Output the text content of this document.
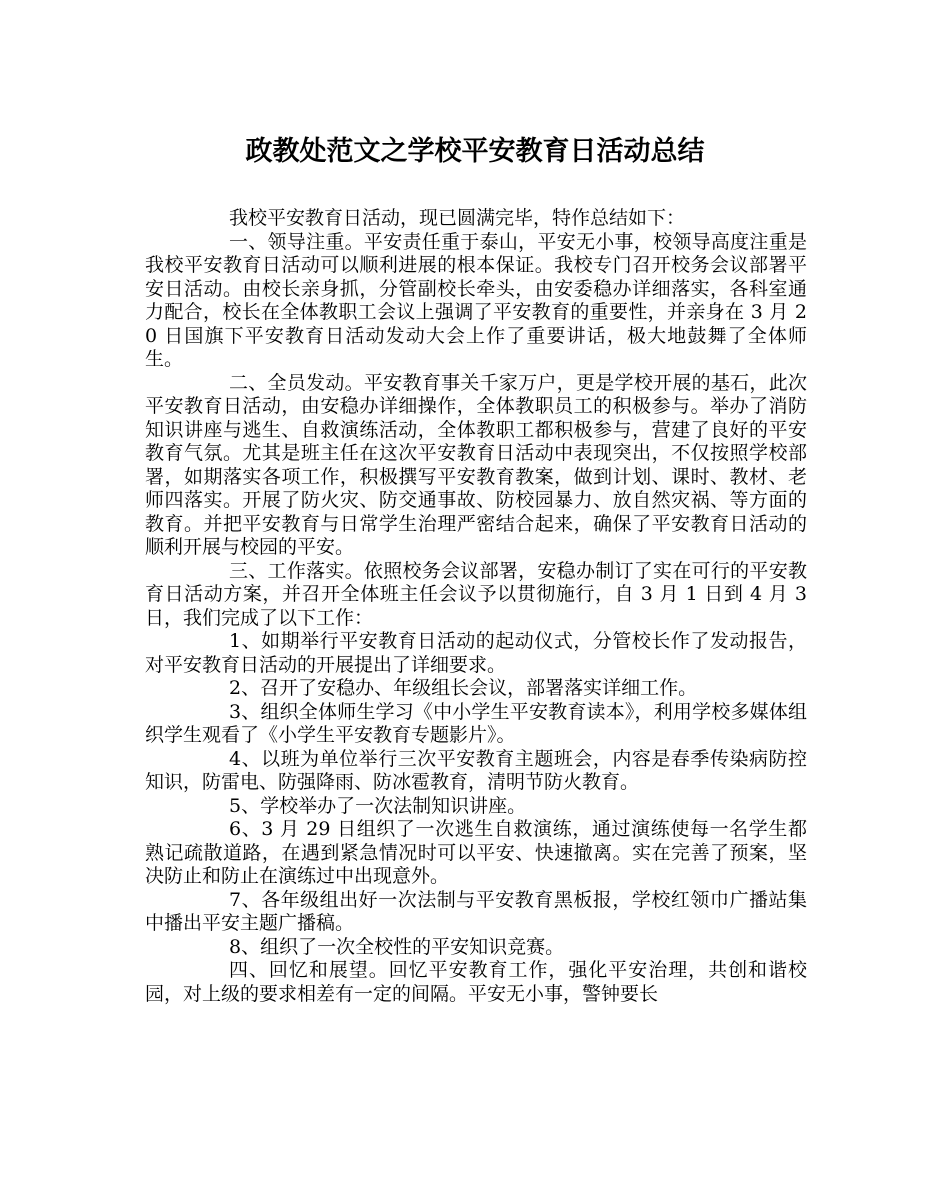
政教处范文之学校平安教育日活动总结

我校平安教育日活动，现已圆满完毕，特作总结如下：

一、领导注重。平安责任重于泰山，平安无小事，校领导高度注重是我校平安教育日活动可以顺利进展的根本保证。我校专门召开校务会议部署平安日活动。由校长亲身抓，分管副校长牵头，由安委稳办详细落实，各科室通力配合，校长在全体教职工会议上强调了平安教育的重要性，并亲身在 3 月 20 日国旗下平安教育日活动发动大会上作了重要讲话，极大地鼓舞了全体师生。

二、全员发动。平安教育事关千家万户，更是学校开展的基石，此次平安教育日活动，由安稳办详细操作，全体教职员工的积极参与。举办了消防知识讲座与逃生、自救演练活动，全体教职工都积极参与，营建了良好的平安教育气氛。尤其是班主任在这次平安教育日活动中表现突出，不仅按照学校部署，如期落实各项工作，积极撰写平安教育教案，做到计划、课时、教材、老师四落实。开展了防火灾、防交通事故、防校园暴力、放自然灾祸、等方面的教育。并把平安教育与日常学生治理严密结合起来，确保了平安教育日活动的顺利开展与校园的平安。

三、工作落实。依照校务会议部署，安稳办制订了实在可行的平安教育日活动方案，并召开全体班主任会议予以贯彻施行，自 3 月 1 日到 4 月 3 日，我们完成了以下工作：

1、如期举行平安教育日活动的起动仪式，分管校长作了发动报告，对平安教育日活动的开展提出了详细要求。

2、召开了安稳办、年级组长会议，部署落实详细工作。

3、组织全体师生学习《中小学生平安教育读本》，利用学校多媒体组织学生观看了《小学生平安教育专题影片》。

4、以班为单位举行三次平安教育主题班会，内容是春季传染病防控知识，防雷电、防强降雨、防冰雹教育，清明节防火教育。

5、学校举办了一次法制知识讲座。

6、3 月 29 日组织了一次逃生自救演练，通过演练使每一名学生都熟记疏散道路，在遇到紧急情况时可以平安、快速撤离。实在完善了预案，坚决防止和防止在演练过中出现意外。

7、各年级组出好一次法制与平安教育黑板报，学校红领巾广播站集中播出平安主题广播稿。

8、组织了一次全校性的平安知识竞赛。

四、回忆和展望。回忆平安教育工作，强化平安治理，共创和谐校园，对上级的要求相差有一定的间隔。平安无小事，警钟要长
